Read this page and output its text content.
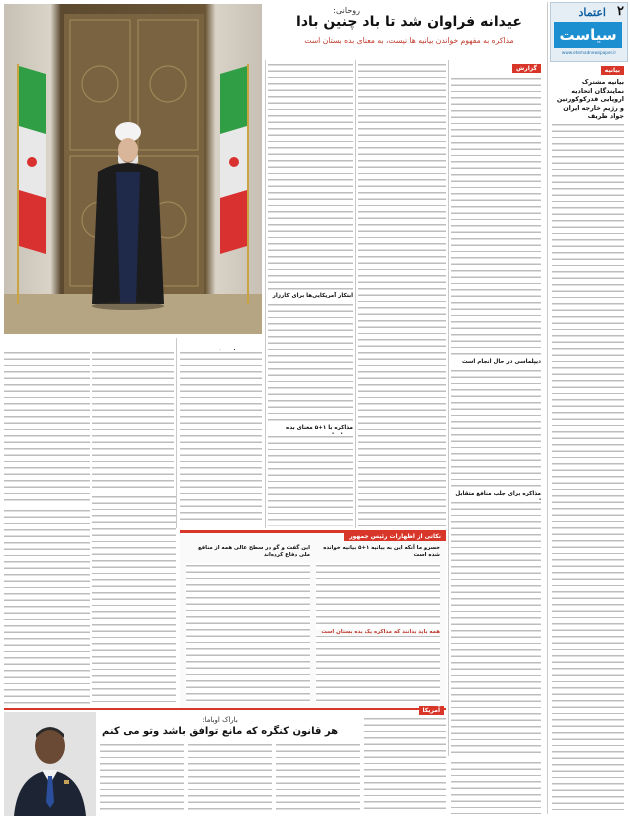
۲
اعتماد
سیاست
www.etemadnewspaper.ir
بیانیه
بیانیه مشترک نمایندگان اتحادیه اروپایی قدرکوکورتین و رژیم خارجه ایران جواد ظریف
روحانی:
عیدانه فراوان شد تا باد چنین بادا
مذاکره به مفهوم خواندن بیانیه ها نیست، به معنای بده بستان است
ابتکار آمریکایی‌ها برای کارزار
مذاکره با ۱+۵ معنای بده
گزارش
دیپلماسی در حال انجام است
مذاکره برای جلب منافع متقابل
نکاتی از اظهارات رئیس جمهور
خسرو ما آنکه این به بیانیه ۱+۵ بیانیه خوانده شده است
این گفت و گو در سطح عالی همه از منافع ملی دفاع کرده‌اند
همه باید بدانند که مذاکره یک بده بستان است
آمریکا
باراک اوباما:
هر قانون کنگره که مانع توافق باشد وتو می کنم
